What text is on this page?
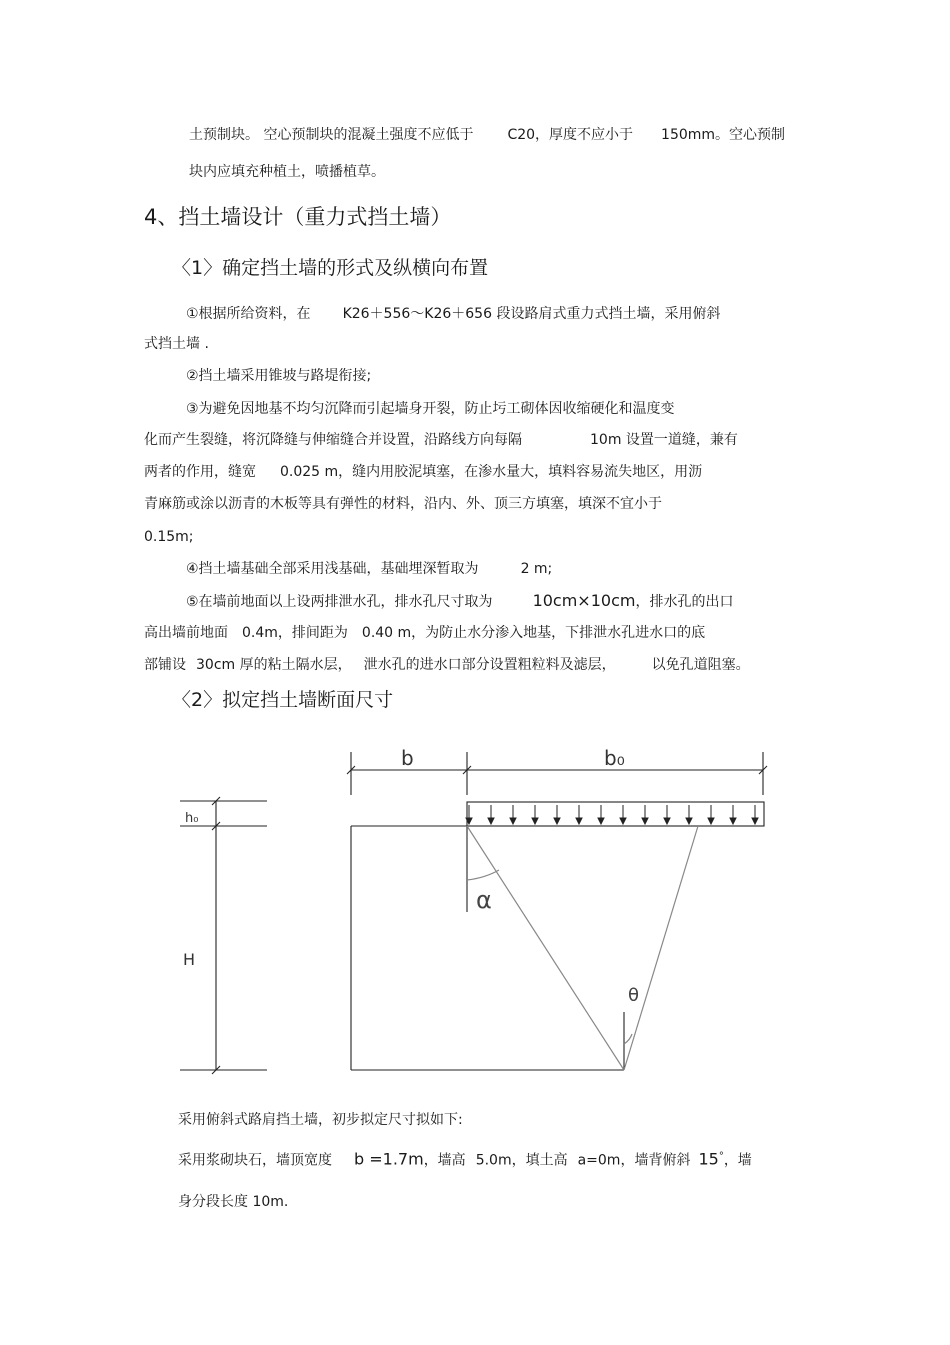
土预制块。 空心预制块的混凝土强度不应低于 C20，厚度不应小于 150mm。空心预制
块内应填充种植土，喷播植草。
4、挡土墙设计（重力式挡土墙）
〈1〉确定挡土墙的形式及纵横向布置
①根据所给资料，在 K26＋556～K26＋656 段设路肩式重力式挡土墙，采用俯斜
式挡土墙 .
②挡土墙采用锥坡与路堤衔接;
③为避免因地基不均匀沉降而引起墙身开裂，防止圬工砌体因收缩硬化和温度变
化而产生裂缝，将沉降缝与伸缩缝合并设置，沿路线方向每隔	10m 设置一道缝，兼有
两者的作用，缝宽 0.025 m，缝内用胶泥填塞，在渗水量大，填料容易流失地区，用沥
青麻筋或涂以沥青的木板等具有弹性的材料，沿内、外、顶三方填塞，填深不宜小于
0.15m;
④挡土墙基础全部采用浅基础，基础埋深暂取为	2 m;
⑤在墙前地面以上设两排泄水孔，排水孔尺寸取为	10cm×10cm，排水孔的出口
高出墙前地面 0.4m，排间距为 0.40 m，为防止水分渗入地基，下排泄水孔进水口的底
部铺设 30cm 厚的粘土隔水层， 泄水孔的进水口部分设置粗粒料及滤层，	以免孔道阻塞。
〈2〉拟定挡土墙断面尺寸
b	b₀
h₀
H
α
θ
采用俯斜式路肩挡土墙，初步拟定尺寸拟如下:
采用浆砌块石，墙顶宽度 b =1.7m，墙高 5.0m，填土高 a=0m，墙背俯斜 15°，墙
身分段长度 10m.
